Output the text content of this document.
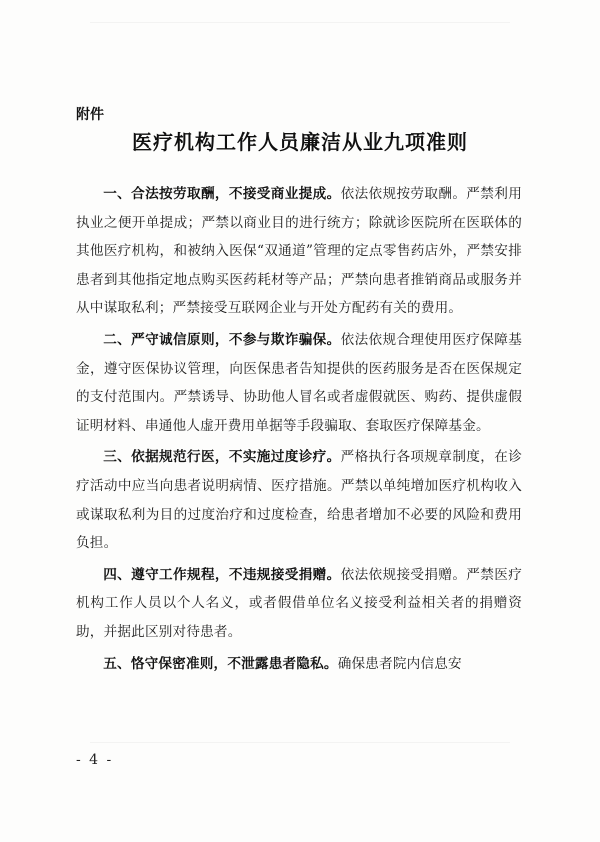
附件
医疗机构工作人员廉洁从业九项准则

一、合法按劳取酬，不接受商业提成。依法依规按劳取酬。严禁利用执业之便开单提成；严禁以商业目的进行统方；除就诊医院所在医联体的其他医疗机构，和被纳入医保“双通道”管理的定点零售药店外，严禁安排患者到其他指定地点购买医药耗材等产品；严禁向患者推销商品或服务并从中谋取私利；严禁接受互联网企业与开处方配药有关的费用。

二、严守诚信原则，不参与欺诈骗保。依法依规合理使用医疗保障基金，遵守医保协议管理，向医保患者告知提供的医药服务是否在医保规定的支付范围内。严禁诱导、协助他人冒名或者虚假就医、购药、提供虚假证明材料、串通他人虚开费用单据等手段骗取、套取医疗保障基金。

三、依据规范行医，不实施过度诊疗。严格执行各项规章制度，在诊疗活动中应当向患者说明病情、医疗措施。严禁以单纯增加医疗机构收入或谋取私利为目的过度治疗和过度检查，给患者增加不必要的风险和费用负担。

四、遵守工作规程，不违规接受捐赠。依法依规接受捐赠。严禁医疗机构工作人员以个人名义，或者假借单位名义接受利益相关者的捐赠资助，并据此区别对待患者。

五、恪守保密准则，不泄露患者隐私。确保患者院内信息安

- 4 -
